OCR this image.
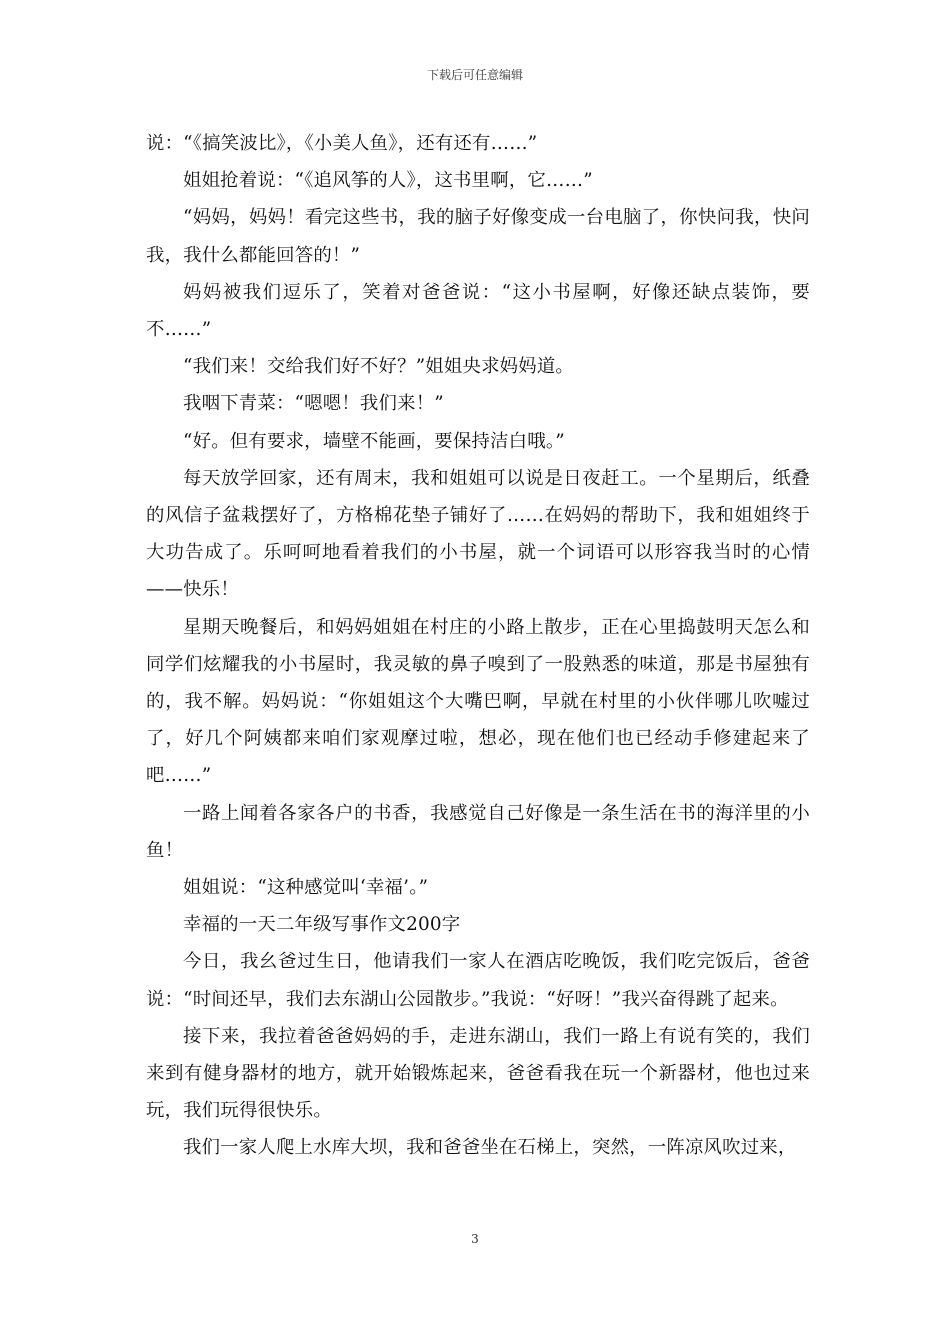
下载后可任意编辑

说：“《搞笑波比》，《小美人鱼》，还有还有……”

姐姐抢着说：“《追风筝的人》，这书里啊，它……”

“妈妈，妈妈！看完这些书，我的脑子好像变成一台电脑了，你快问我，快问我，我什么都能回答的！”

妈妈被我们逗乐了，笑着对爸爸说：“这小书屋啊，好像还缺点装饰，要不……”

“我们来！交给我们好不好？”姐姐央求妈妈道。

我咽下青菜：“嗯嗯！我们来！”

“好。但有要求，墙壁不能画，要保持洁白哦。”

每天放学回家，还有周末，我和姐姐可以说是日夜赶工。一个星期后，纸叠的风信子盆栽摆好了，方格棉花垫子铺好了……在妈妈的帮助下，我和姐姐终于大功告成了。乐呵呵地看着我们的小书屋，就一个词语可以形容我当时的心情——快乐！

星期天晚餐后，和妈妈姐姐在村庄的小路上散步，正在心里捣鼓明天怎么和同学们炫耀我的小书屋时，我灵敏的鼻子嗅到了一股熟悉的味道，那是书屋独有的，我不解。妈妈说：“你姐姐这个大嘴巴啊，早就在村里的小伙伴哪儿吹嘘过了，好几个阿姨都来咱们家观摩过啦，想必，现在他们也已经动手修建起来了吧……”

一路上闻着各家各户的书香，我感觉自己好像是一条生活在书的海洋里的小鱼！

姐姐说：“这种感觉叫‘幸福’。”

幸福的一天二年级写事作文200字

今日，我幺爸过生日，他请我们一家人在酒店吃晚饭，我们吃完饭后，爸爸说：“时间还早，我们去东湖山公园散步。”我说：“好呀！”我兴奋得跳了起来。

接下来，我拉着爸爸妈妈的手，走进东湖山，我们一路上有说有笑的，我们来到有健身器材的地方，就开始锻炼起来，爸爸看我在玩一个新器材，他也过来玩，我们玩得很快乐。

我们一家人爬上水库大坝，我和爸爸坐在石梯上，突然，一阵凉风吹过来，

3
